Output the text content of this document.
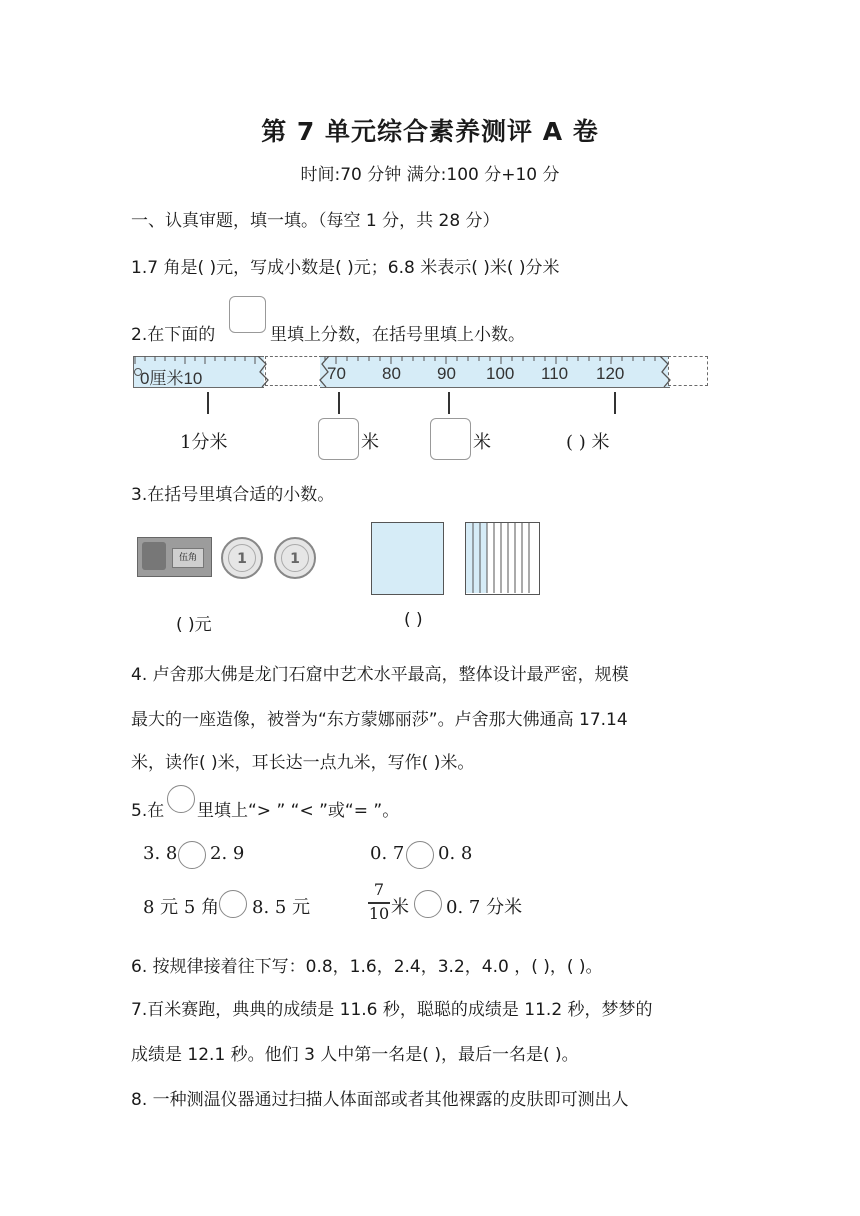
第 7 单元综合素养测评 A 卷
时间:70 分钟 满分:100 分+10 分
一、认真审题，填一填。（每空 1 分，共 28 分）
1.7 角是( )元，写成小数是( )元；6.8 米表示( )米( )分米
2.在下面的	里填上分数，在括号里填上小数。
0厘米10	70 80 90 100 110 120
1分米	米	米	( ) 米
3.在括号里填合适的小数。
伍角	1	1
( )元	( )
4. 卢舍那大佛是龙门石窟中艺术水平最高，整体设计最严密，规模
最大的一座造像，被誉为“东方蒙娜丽莎”。卢舍那大佛通高 17.14
米，读作( )米，耳长达一点九米，写作( )米。
5.在 里填上“> ” “< ”或“= ”。
3. 8 2. 9	0. 7 0. 8
8 元 5 角 8. 5 元
7
10 米 0. 7 分米
6. 按规律接着往下写：0.8，1.6，2.4，3.2，4.0 ，( )，( )。
7.百米赛跑，典典的成绩是 11.6 秒，聪聪的成绩是 11.2 秒，梦梦的
成绩是 12.1 秒。他们 3 人中第一名是( )，最后一名是( )。
8. 一种测温仪器通过扫描人体面部或者其他裸露的皮肤即可测出人
